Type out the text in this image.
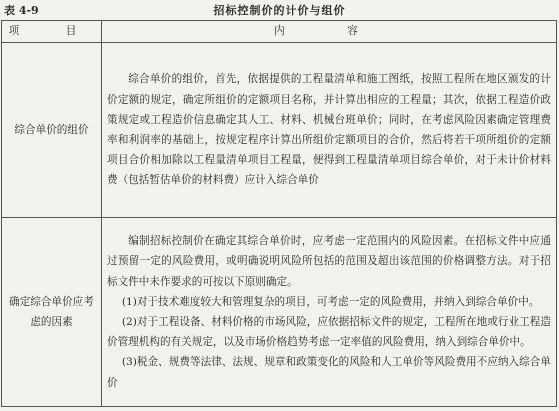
表 4-9	招标控制价的计价与组价
项　目	内　容
综合单价的组价	综合单价的组价，首先，依据提供的工程量清单和施工图纸，按照工程所在地区颁发的计价定额的规定，确定所组价的定额项目名称，并计算出相应的工程量；其次，依据工程造价政策规定或工程造价信息确定其人工、材料、机械台班单价；同时，在考虑风险因素确定管理费率和利润率的基础上，按规定程序计算出所组价定额项目的合价，然后将若干项所组价的定额项目合价相加除以工程量清单项目工程量，便得到工程量清单项目综合单价，对于未计价材料费（包括暂估单价的材料费）应计入综合单价

确定综合单价应考虑的因素	编制招标控制价在确定其综合单价时，应考虑一定范围内的风险因素。在招标文件中应通过预留一定的风险费用，或明确说明风险所包括的范围及超出该范围的价格调整方法。对于招标文件中未作要求的可按以下原则确定。

(1)对于技术难度较大和管理复杂的项目，可考虑一定的风险费用，并纳入到综合单价中。

(2)对于工程设备、材料价格的市场风险，应依据招标文件的规定，工程所在地或行业工程造价管理机构的有关规定，以及市场价格趋势考虑一定率值的风险费用，纳入到综合单价中。

(3)税金、规费等法律、法规、规章和政策变化的风险和人工单价等风险费用不应纳入综合单价
